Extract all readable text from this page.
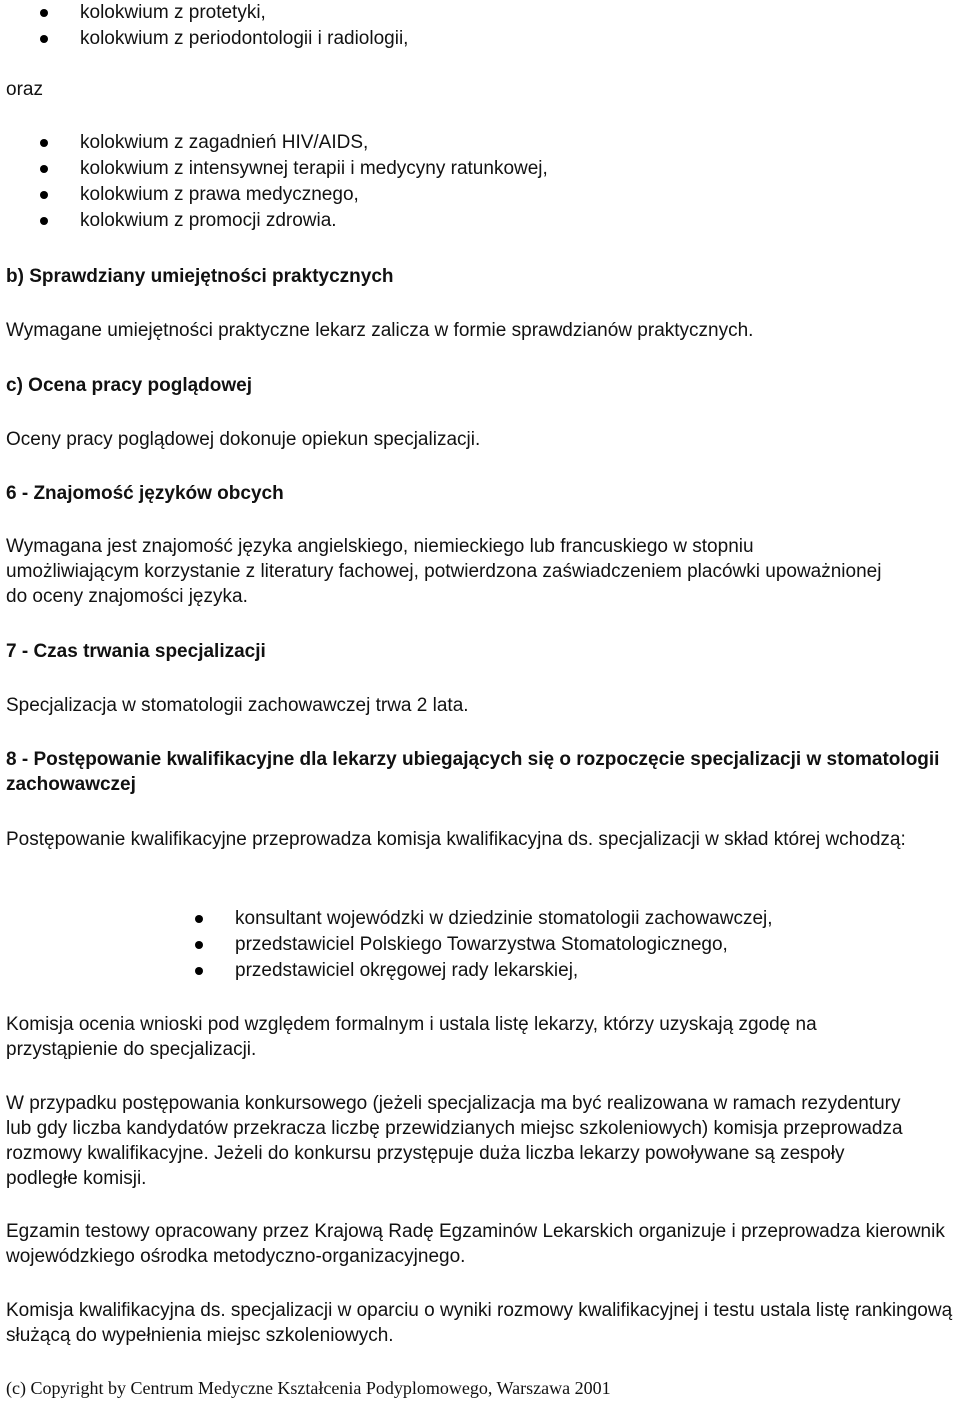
kolokwium z protetyki,
kolokwium z periodontologii i radiologii,
oraz
kolokwium z zagadnień HIV/AIDS,
kolokwium z intensywnej terapii i medycyny ratunkowej,
kolokwium z prawa medycznego,
kolokwium z promocji zdrowia.
b) Sprawdziany umiejętności praktycznych
Wymagane umiejętności praktyczne lekarz zalicza w formie sprawdzianów praktycznych.
c) Ocena pracy poglądowej
Oceny pracy poglądowej dokonuje opiekun specjalizacji.
6 - Znajomość języków obcych
Wymagana jest znajomość języka angielskiego, niemieckiego lub francuskiego w stopniu umożliwiającym korzystanie z literatury fachowej, potwierdzona zaświadczeniem placówki upoważnionej do oceny znajomości języka.
7 - Czas trwania specjalizacji
Specjalizacja w stomatologii zachowawczej trwa 2 lata.
8 - Postępowanie kwalifikacyjne dla lekarzy ubiegających się o rozpoczęcie specjalizacji w stomatologii zachowawczej
Postępowanie kwalifikacyjne przeprowadza komisja kwalifikacyjna ds. specjalizacji w skład której wchodzą:
konsultant wojewódzki w dziedzinie stomatologii zachowawczej,
przedstawiciel Polskiego Towarzystwa Stomatologicznego,
przedstawiciel okręgowej rady lekarskiej,
Komisja ocenia wnioski pod względem formalnym i ustala listę lekarzy, którzy uzyskają zgodę na przystąpienie do specjalizacji.
W przypadku postępowania konkursowego (jeżeli specjalizacja ma być realizowana w ramach rezydentury lub gdy liczba kandydatów przekracza liczbę przewidzianych miejsc szkoleniowych) komisja przeprowadza rozmowy kwalifikacyjne. Jeżeli do konkursu przystępuje duża liczba lekarzy powoływane są zespoły podległe komisji.
Egzamin testowy opracowany przez Krajową Radę Egzaminów Lekarskich organizuje i przeprowadza kierownik wojewódzkiego ośrodka metodyczno-organizacyjnego.
Komisja kwalifikacyjna ds. specjalizacji w oparciu o wyniki rozmowy kwalifikacyjnej i testu ustala listę rankingową służącą do wypełnienia miejsc szkoleniowych.
(c) Copyright by Centrum Medyczne Kształcenia Podyplomowego, Warszawa 2001
